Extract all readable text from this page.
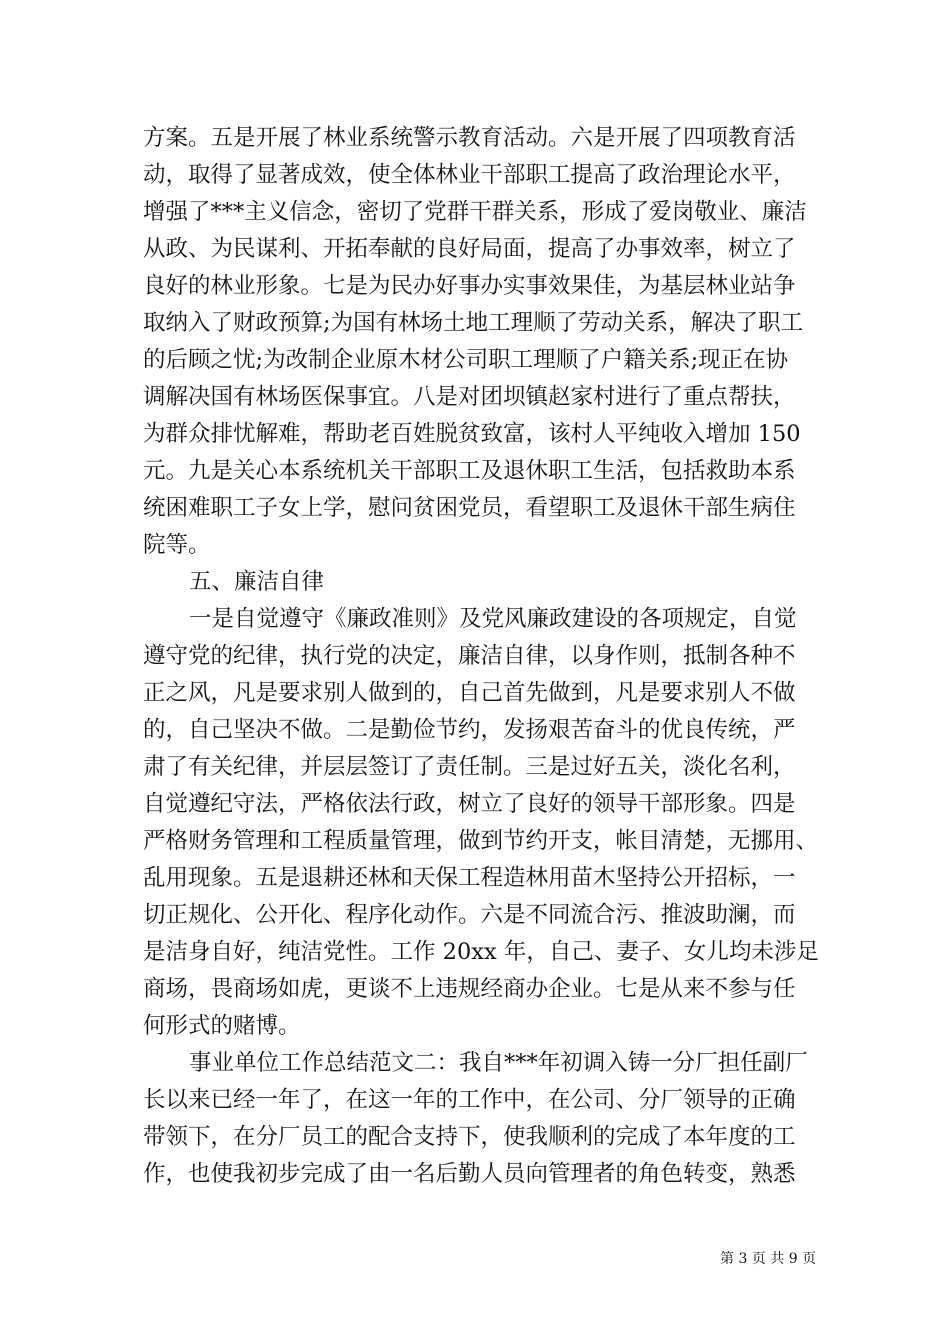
方案。五是开展了林业系统警示教育活动。六是开展了四项教育活
动，取得了显著成效，使全体林业干部职工提高了政治理论水平，
增强了***主义信念，密切了党群干群关系，形成了爱岗敬业、廉洁
从政、为民谋利、开拓奉献的良好局面，提高了办事效率，树立了
良好的林业形象。七是为民办好事办实事效果佳，为基层林业站争
取纳入了财政预算;为国有林场土地工理顺了劳动关系，解决了职工
的后顾之忧;为改制企业原木材公司职工理顺了户籍关系;现正在协
调解决国有林场医保事宜。八是对团坝镇赵家村进行了重点帮扶，
为群众排忧解难，帮助老百姓脱贫致富，该村人平纯收入增加 150
元。九是关心本系统机关干部职工及退休职工生活，包括救助本系
统困难职工子女上学，慰问贫困党员，看望职工及退休干部生病住
院等。
五、廉洁自律
一是自觉遵守《廉政准则》及党风廉政建设的各项规定，自觉
遵守党的纪律，执行党的决定，廉洁自律，以身作则，抵制各种不
正之风，凡是要求别人做到的，自己首先做到，凡是要求别人不做
的，自己坚决不做。二是勤俭节约，发扬艰苦奋斗的优良传统，严
肃了有关纪律，并层层签订了责任制。三是过好五关，淡化名利，
自觉遵纪守法，严格依法行政，树立了良好的领导干部形象。四是
严格财务管理和工程质量管理，做到节约开支，帐目清楚，无挪用、
乱用现象。五是退耕还林和天保工程造林用苗木坚持公开招标，一
切正规化、公开化、程序化动作。六是不同流合污、推波助澜，而
是洁身自好，纯洁党性。工作 20xx 年，自己、妻子、女儿均未涉足
商场，畏商场如虎，更谈不上违规经商办企业。七是从来不参与任
何形式的赌博。
事业单位工作总结范文二：我自***年初调入铸一分厂担任副厂
长以来已经一年了，在这一年的工作中，在公司、分厂领导的正确
带领下，在分厂员工的配合支持下，使我顺利的完成了本年度的工
作，也使我初步完成了由一名后勤人员向管理者的角色转变，熟悉
第 3 页 共 9 页
